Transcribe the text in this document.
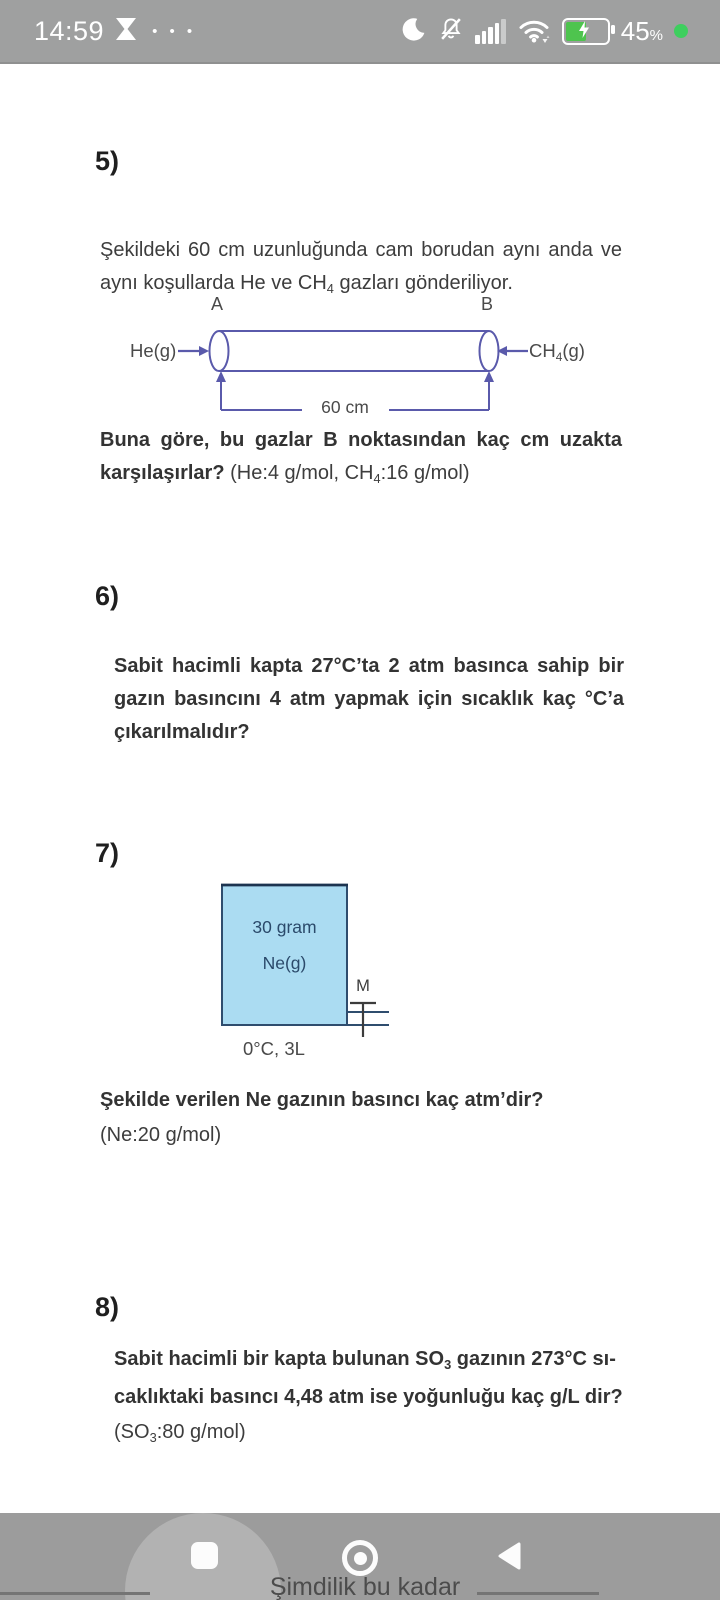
14:59	• • •	45 %
5)
Şekildeki 60 cm uzunluğunda cam borudan aynı anda ve aynı koşullarda He ve $CH_4$ gazları gönderiliyor.
A	B
He(g)	$CH_4(g)$
60 cm
Buna göre, bu gazlar B noktasından kaç cm uzakta karşılaşırlar? (He:4 g/mol, $CH_4:16$ g/mol)
6)
Sabit hacimli kapta 27°C’ta 2 atm basınca sahip bir gazın basıncını 4 atm yapmak için sıcaklık kaç °C’a çıkarılmalıdır?
7)
30 gram
Ne(g)
M
0°C, 3L
Şekilde verilen Ne gazının basıncı kaç atm’dir?
(Ne:20 g/mol)
8)
Sabit hacimli bir kapta bulunan $SO_3$ gazının 273°C sı-
caklıktaki basıncı 4,48 atm ise yoğunluğu kaç g/L dir?
($SO_3:80$ g/mol)
Şimdilik bu kadar
